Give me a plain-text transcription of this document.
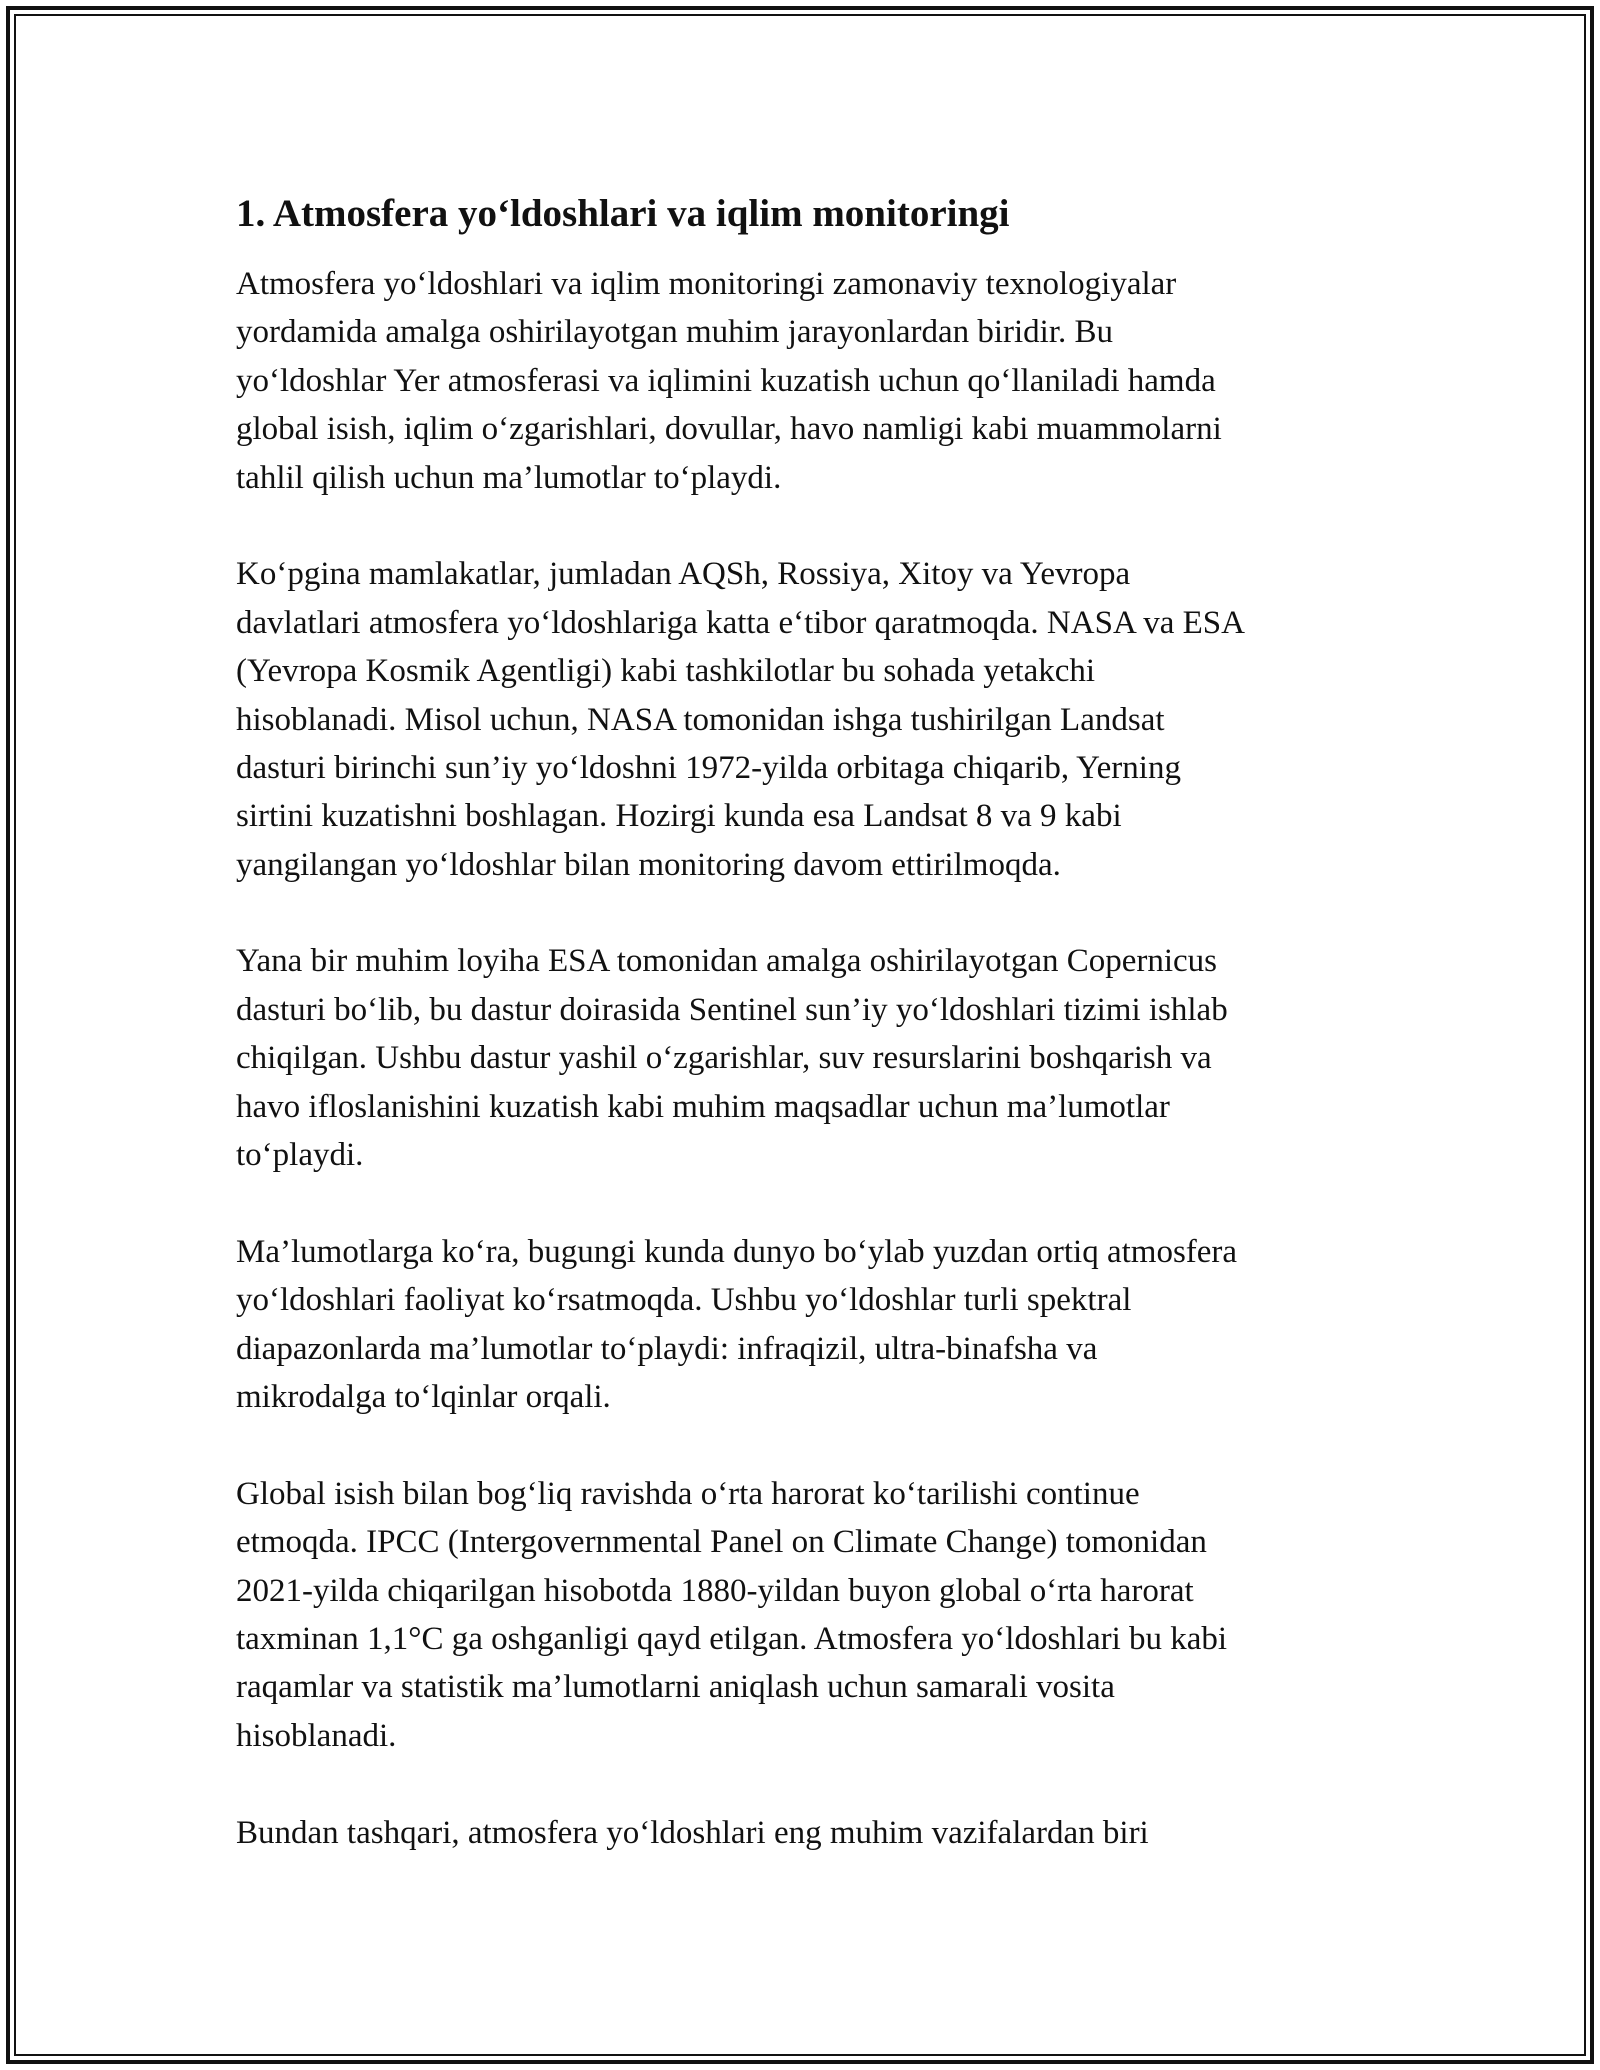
1. Atmosfera yo‘ldoshlari va iqlim monitoringi
Atmosfera yo‘ldoshlari va iqlim monitoringi zamonaviy texnologiyalar
yordamida amalga oshirilayotgan muhim jarayonlardan biridir. Bu
yo‘ldoshlar Yer atmosferasi va iqlimini kuzatish uchun qo‘llaniladi hamda
global isish, iqlim o‘zgarishlari, dovullar, havo namligi kabi muammolarni
tahlil qilish uchun ma’lumotlar to‘playdi.
Ko‘pgina mamlakatlar, jumladan AQSh, Rossiya, Xitoy va Yevropa
davlatlari atmosfera yo‘ldoshlariga katta e‘tibor qaratmoqda. NASA va ESA
(Yevropa Kosmik Agentligi) kabi tashkilotlar bu sohada yetakchi
hisoblanadi. Misol uchun, NASA tomonidan ishga tushirilgan Landsat
dasturi birinchi sun’iy yo‘ldoshni 1972-yilda orbitaga chiqarib, Yerning
sirtini kuzatishni boshlagan. Hozirgi kunda esa Landsat 8 va 9 kabi
yangilangan yo‘ldoshlar bilan monitoring davom ettirilmoqda.
Yana bir muhim loyiha ESA tomonidan amalga oshirilayotgan Copernicus
dasturi bo‘lib, bu dastur doirasida Sentinel sun’iy yo‘ldoshlari tizimi ishlab
chiqilgan. Ushbu dastur yashil o‘zgarishlar, suv resurslarini boshqarish va
havo ifloslanishini kuzatish kabi muhim maqsadlar uchun ma’lumotlar
to‘playdi.
Ma’lumotlarga ko‘ra, bugungi kunda dunyo bo‘ylab yuzdan ortiq atmosfera
yo‘ldoshlari faoliyat ko‘rsatmoqda. Ushbu yo‘ldoshlar turli spektral
diapazonlarda ma’lumotlar to‘playdi: infraqizil, ultra-binafsha va
mikrodalga to‘lqinlar orqali.
Global isish bilan bog‘liq ravishda o‘rta harorat ko‘tarilishi continue
etmoqda. IPCC (Intergovernmental Panel on Climate Change) tomonidan
2021-yilda chiqarilgan hisobotda 1880-yildan buyon global o‘rta harorat
taxminan 1,1°C ga oshganligi qayd etilgan. Atmosfera yo‘ldoshlari bu kabi
raqamlar va statistik ma’lumotlarni aniqlash uchun samarali vosita
hisoblanadi.
Bundan tashqari, atmosfera yo‘ldoshlari eng muhim vazifalardan biri
